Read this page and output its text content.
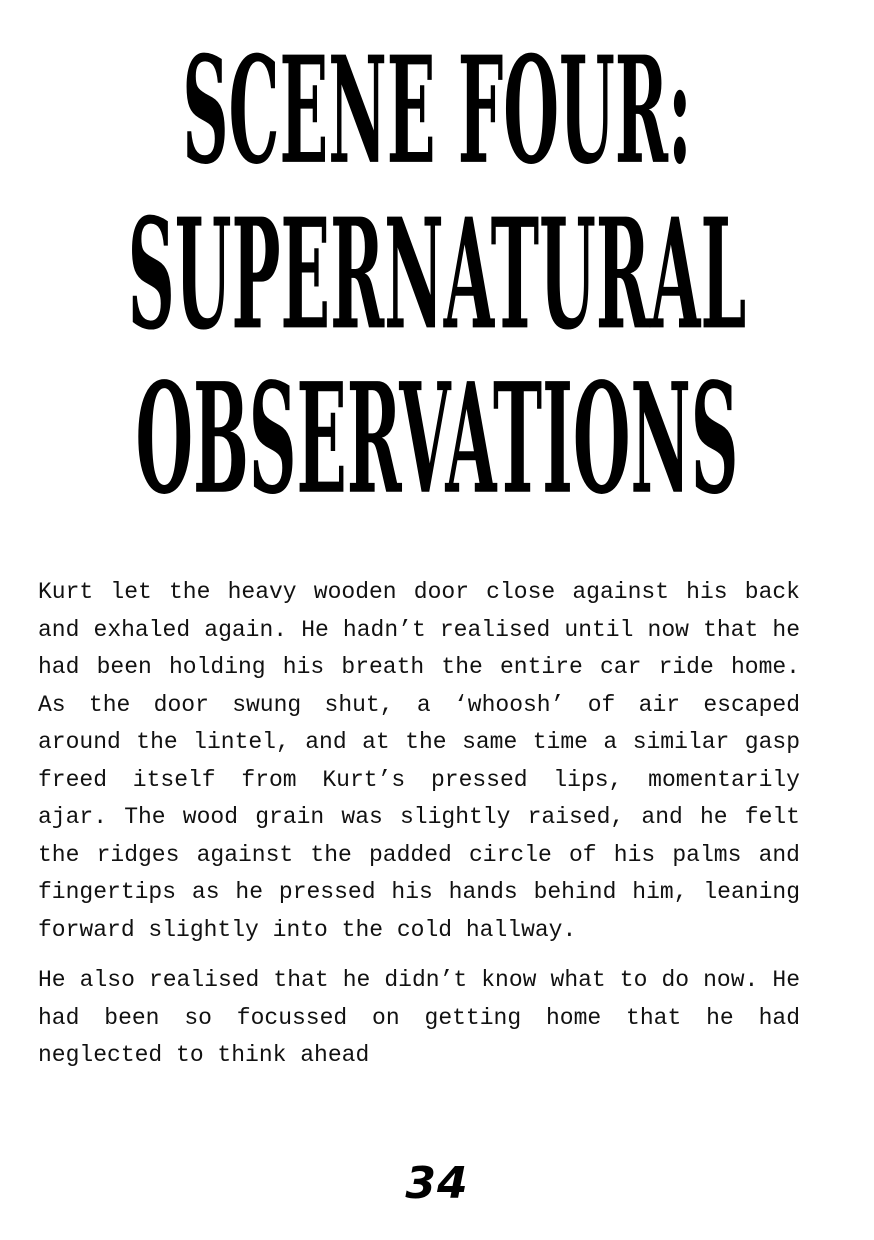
SCENE FOUR:
SUPERNATURAL
OBSERVATIONS

Kurt let the heavy wooden door close against his back and exhaled again. He hadn’t realised until now that he had been holding his breath the entire car ride home. As the door swung shut, a ‘whoosh’ of air escaped around the lintel, and at the same time a similar gasp freed itself from Kurt’s pressed lips, momentarily ajar. The wood grain was slightly raised, and he felt the ridges against the padded circle of his palms and fingertips as he pressed his hands behind him, leaning forward slightly into the cold hallway.

He also realised that he didn’t know what to do now. He had been so focussed on getting home that he had neglected to think ahead

34
